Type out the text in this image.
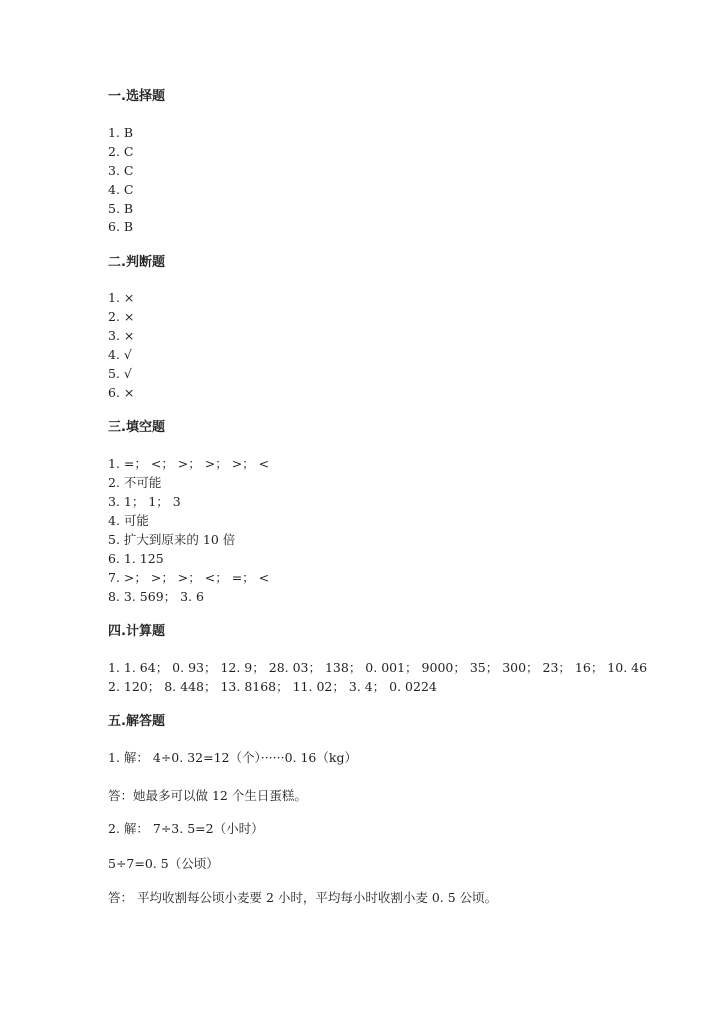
一.选择题
1. B
2. C
3. C
4. C
5. B
6. B
二.判断题
1. ×
2. ×
3. ×
4. √
5. √
6. ×
三.填空题
1. =； <； >； >； >； <
2. 不可能
3. 1； 1； 3
4. 可能
5. 扩大到原来的 10 倍
6. 1. 125
7. >； >； >； <； =； <
8. 3. 569； 3. 6
四.计算题
1. 1. 64； 0. 93； 12. 9； 28. 03； 138； 0. 001； 9000； 35； 300； 23； 16； 10. 46
2. 120； 8. 448； 13. 8168； 11. 02； 3. 4； 0. 0224
五.解答题
1. 解： 4÷0. 32=12（个）······0. 16（kg）
答：她最多可以做 12 个生日蛋糕。
2. 解： 7÷3. 5=2（小时）
5÷7=0. 5（公顷）
答： 平均收割每公顷小麦要 2 小时，平均每小时收割小麦 0. 5 公顷。
